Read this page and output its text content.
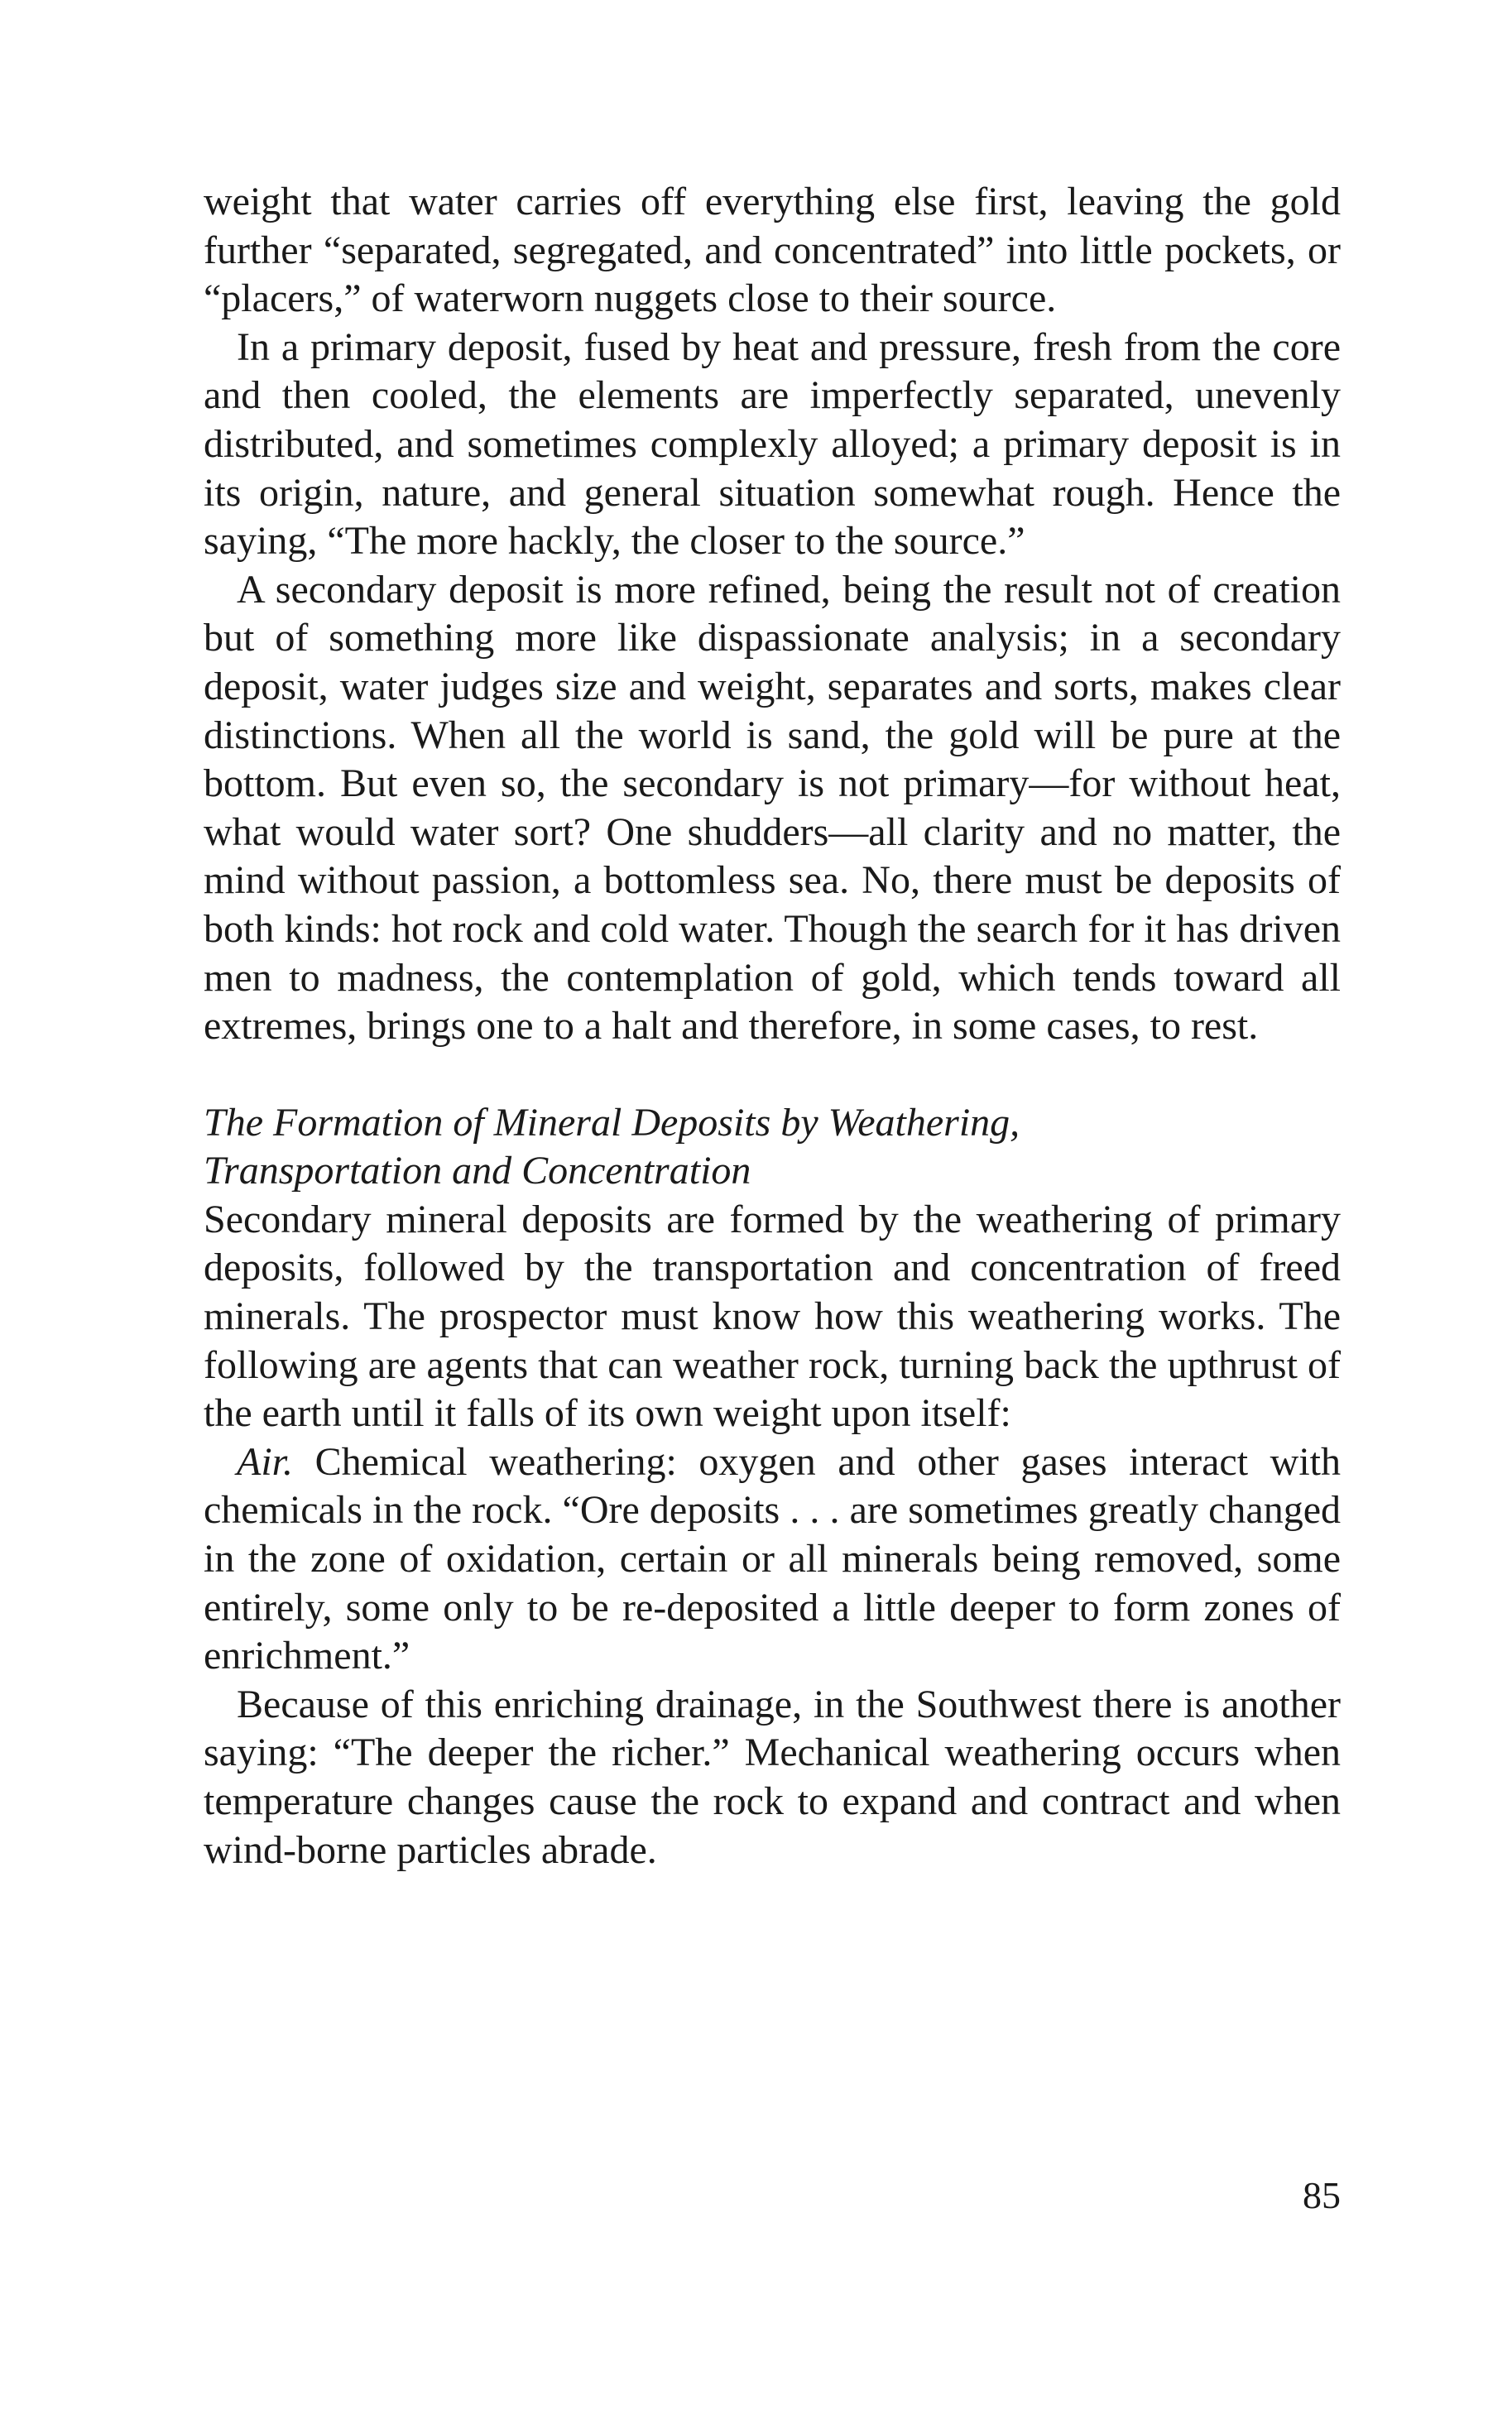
weight that water carries off everything else first, leaving the gold further “separated, segregated, and concentrated” into little pockets, or “placers,” of waterworn nuggets close to their source.

In a primary deposit, fused by heat and pressure, fresh from the core and then cooled, the elements are imperfectly separated, unevenly distributed, and sometimes complexly alloyed; a primary deposit is in its origin, nature, and general situation somewhat rough. Hence the saying, “The more hackly, the closer to the source.”

A secondary deposit is more refined, being the result not of creation but of something more like dispassionate analysis; in a secondary deposit, water judges size and weight, separates and sorts, makes clear distinctions. When all the world is sand, the gold will be pure at the bottom. But even so, the secondary is not primary—for without heat, what would water sort? One shudders—all clarity and no matter, the mind without passion, a bottomless sea. No, there must be deposits of both kinds: hot rock and cold water. Though the search for it has driven men to madness, the contemplation of gold, which tends toward all extremes, brings one to a halt and therefore, in some cases, to rest.

The Formation of Mineral Deposits by Weathering,

Transportation and Concentration

Secondary mineral deposits are formed by the weathering of primary deposits, followed by the transportation and concentration of freed minerals. The prospector must know how this weathering works. The following are agents that can weather rock, turning back the upthrust of the earth until it falls of its own weight upon itself:

Air. Chemical weathering: oxygen and other gases interact with chemicals in the rock. “Ore deposits . . . are sometimes greatly changed in the zone of oxidation, certain or all minerals being removed, some entirely, some only to be re-deposited a little deeper to form zones of enrichment.”

Because of this enriching drainage, in the Southwest there is another saying: “The deeper the richer.” Mechanical weathering occurs when temperature changes cause the rock to expand and contract and when wind-borne particles abrade.

85
